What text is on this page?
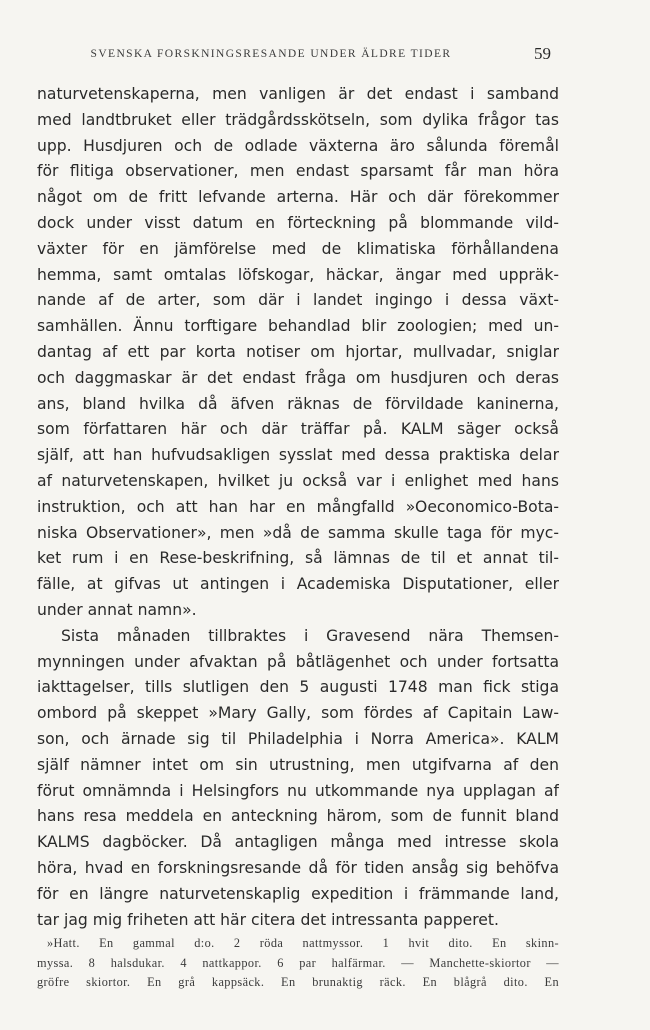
SVENSKA FORSKNINGSRESANDE UNDER ÄLDRE TIDER	59
naturvetenskaperna, men vanligen är det endast i samband
med landtbruket eller trädgårdsskötseln, som dylika frågor tas
upp. Husdjuren och de odlade växterna äro sålunda föremål
för flitiga observationer, men endast sparsamt får man höra
något om de fritt lefvande arterna. Här och där förekommer
dock under visst datum en förteckning på blommande vild-
växter för en jämförelse med de klimatiska förhållandena
hemma, samt omtalas löfskogar, häckar, ängar med uppräk-
nande af de arter, som där i landet ingingo i dessa växt-
samhällen. Ännu torftigare behandlad blir zoologien; med un-
dantag af ett par korta notiser om hjortar, mullvadar, sniglar
och daggmaskar är det endast fråga om husdjuren och deras
ans, bland hvilka då äfven räknas de förvildade kaninerna,
som författaren här och där träffar på. KALM säger också
själf, att han hufvudsakligen sysslat med dessa praktiska delar
af naturvetenskapen, hvilket ju också var i enlighet med hans
instruktion, och att han har en mångfalld »Oeconomico-Bota-
niska Observationer», men »då de samma skulle taga för myc-
ket rum i en Rese-beskrifning, så lämnas de til et annat til-
fälle, at gifvas ut antingen i Academiska Disputationer, eller
under annat namn».
Sista månaden tillbraktes i Gravesend nära Themsen-
mynningen under afvaktan på båtlägenhet och under fortsatta
iakttagelser, tills slutligen den 5 augusti 1748 man fick stiga
ombord på skeppet »Mary Gally, som fördes af Capitain Law-
son, och ärnade sig til Philadelphia i Norra America». KALM
själf nämner intet om sin utrustning, men utgifvarna af den
förut omnämnda i Helsingfors nu utkommande nya upplagan af
hans resa meddela en anteckning härom, som de funnit bland
KALMS dagböcker. Då antagligen många med intresse skola
höra, hvad en forskningsresande då för tiden ansåg sig behöfva
för en längre naturvetenskaplig expedition i främmande land,
tar jag mig friheten att här citera det intressanta papperet.
»Hatt. En gammal d:o. 2 röda nattmyssor. 1 hvit dito. En skinn-
myssa. 8 halsdukar. 4 nattkappor. 6 par halfärmar. — Manchette-skiortor —
gröfre skiortor. En grå kappsäck. En brunaktig räck. En blågrå dito. En
